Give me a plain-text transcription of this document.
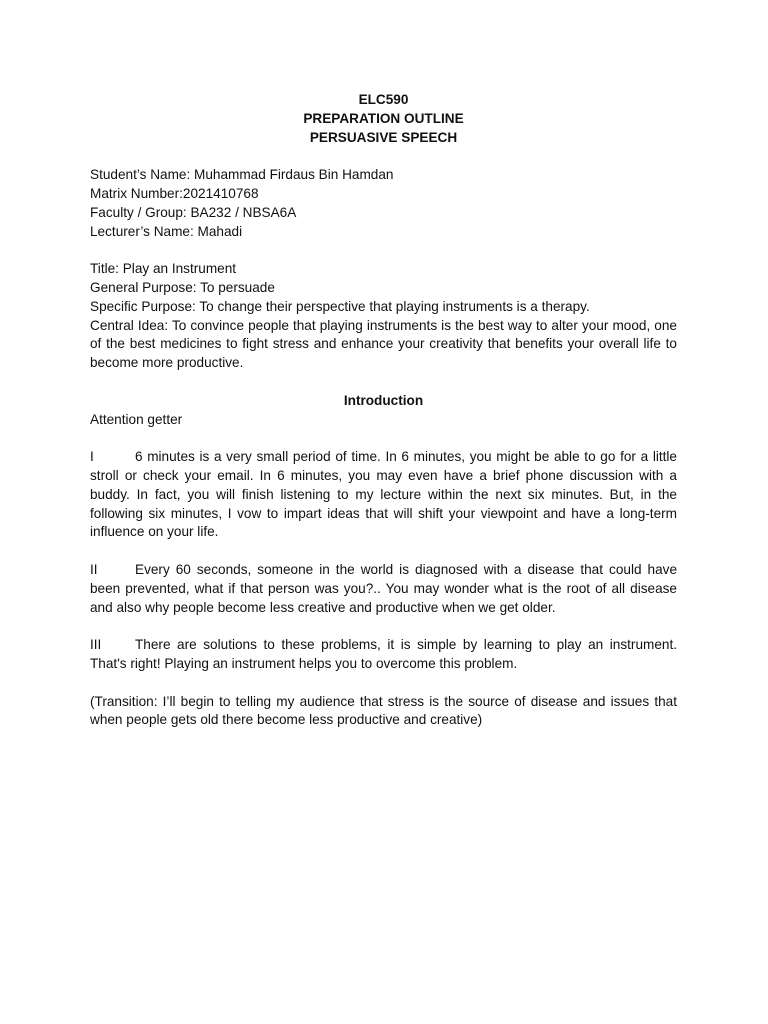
ELC590
PREPARATION OUTLINE
PERSUASIVE SPEECH
Student’s Name: Muhammad Firdaus Bin Hamdan
Matrix Number:2021410768
Faculty / Group: BA232 / NBSA6A
Lecturer’s Name: Mahadi
Title: Play an Instrument
General Purpose: To persuade
Specific Purpose: To change their perspective that playing instruments is a therapy.
Central Idea: To convince people that playing instruments is the best way to alter your mood, one of the best medicines to fight stress and enhance your creativity that benefits your overall life to become more productive.
Introduction
Attention getter

I	6 minutes is a very small period of time. In 6 minutes, you might be able to go for a little stroll or check your email. In 6 minutes, you may even have a brief phone discussion with a buddy. In fact, you will finish listening to my lecture within the next six minutes. But, in the following six minutes, I vow to impart ideas that will shift your viewpoint and have a long-term influence on your life.

II	Every 60 seconds, someone in the world is diagnosed with a disease that could have been prevented, what if that person was you?.. You may wonder what is the root of all disease and also why people become less creative and productive when we get older.

III There are solutions to these problems, it is simple by learning to play an instrument. That's right! Playing an instrument helps you to overcome this problem.

(Transition: I’ll begin to telling my audience that stress is the source of disease and issues that when people gets old there become less productive and creative)
